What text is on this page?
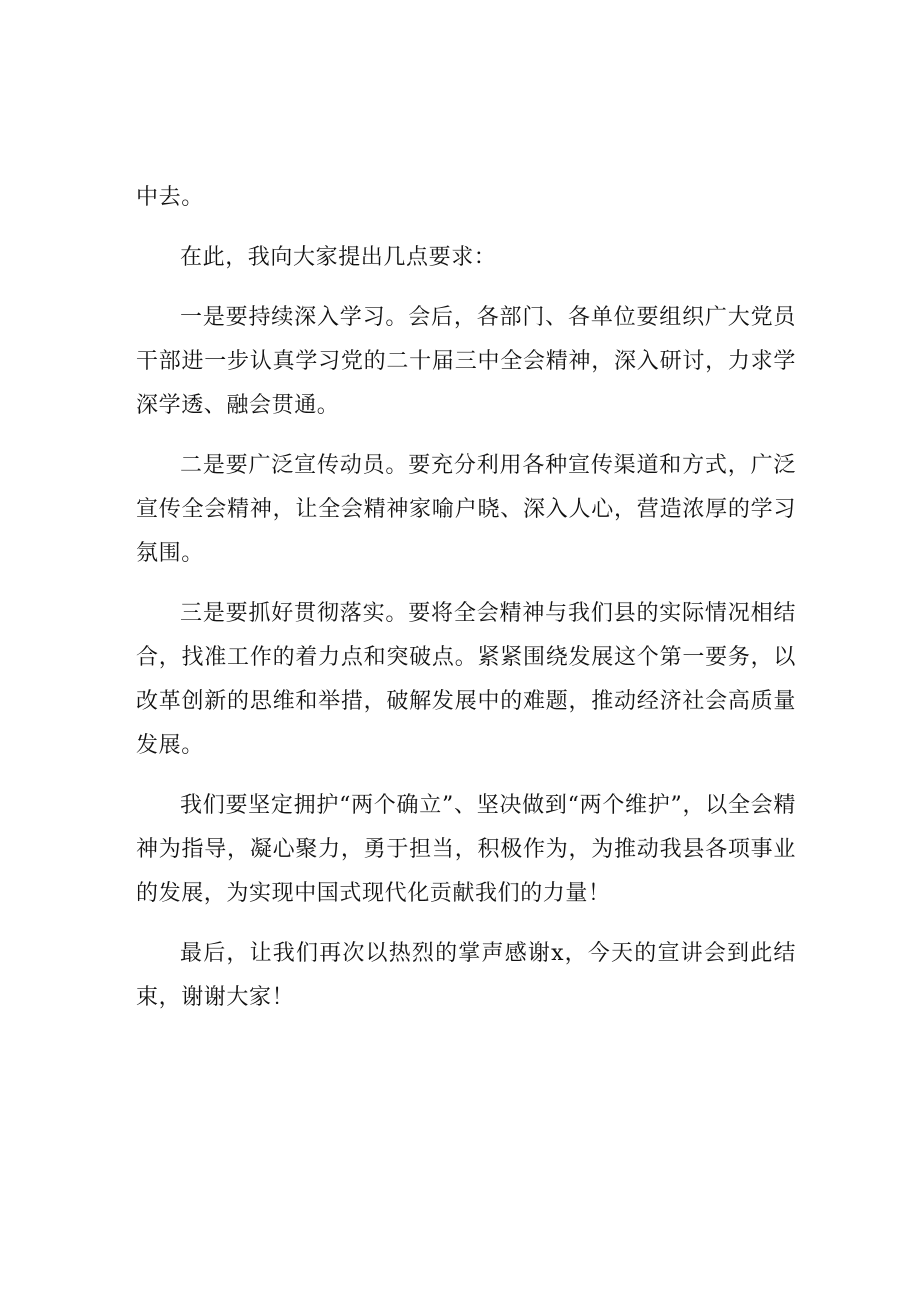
中去。

在此，我向大家提出几点要求：

一是要持续深入学习。会后，各部门、各单位要组织广大党员干部进一步认真学习党的二十届三中全会精神，深入研讨，力求学深学透、融会贯通。

二是要广泛宣传动员。要充分利用各种宣传渠道和方式，广泛宣传全会精神，让全会精神家喻户晓、深入人心，营造浓厚的学习氛围。

三是要抓好贯彻落实。要将全会精神与我们县的实际情况相结合，找准工作的着力点和突破点。紧紧围绕发展这个第一要务，以改革创新的思维和举措，破解发展中的难题，推动经济社会高质量发展。

我们要坚定拥护“两个确立”、坚决做到“两个维护”，以全会精神为指导，凝心聚力，勇于担当，积极作为，为推动我县各项事业的发展，为实现中国式现代化贡献我们的力量！

最后，让我们再次以热烈的掌声感谢x，今天的宣讲会到此结束，谢谢大家！
